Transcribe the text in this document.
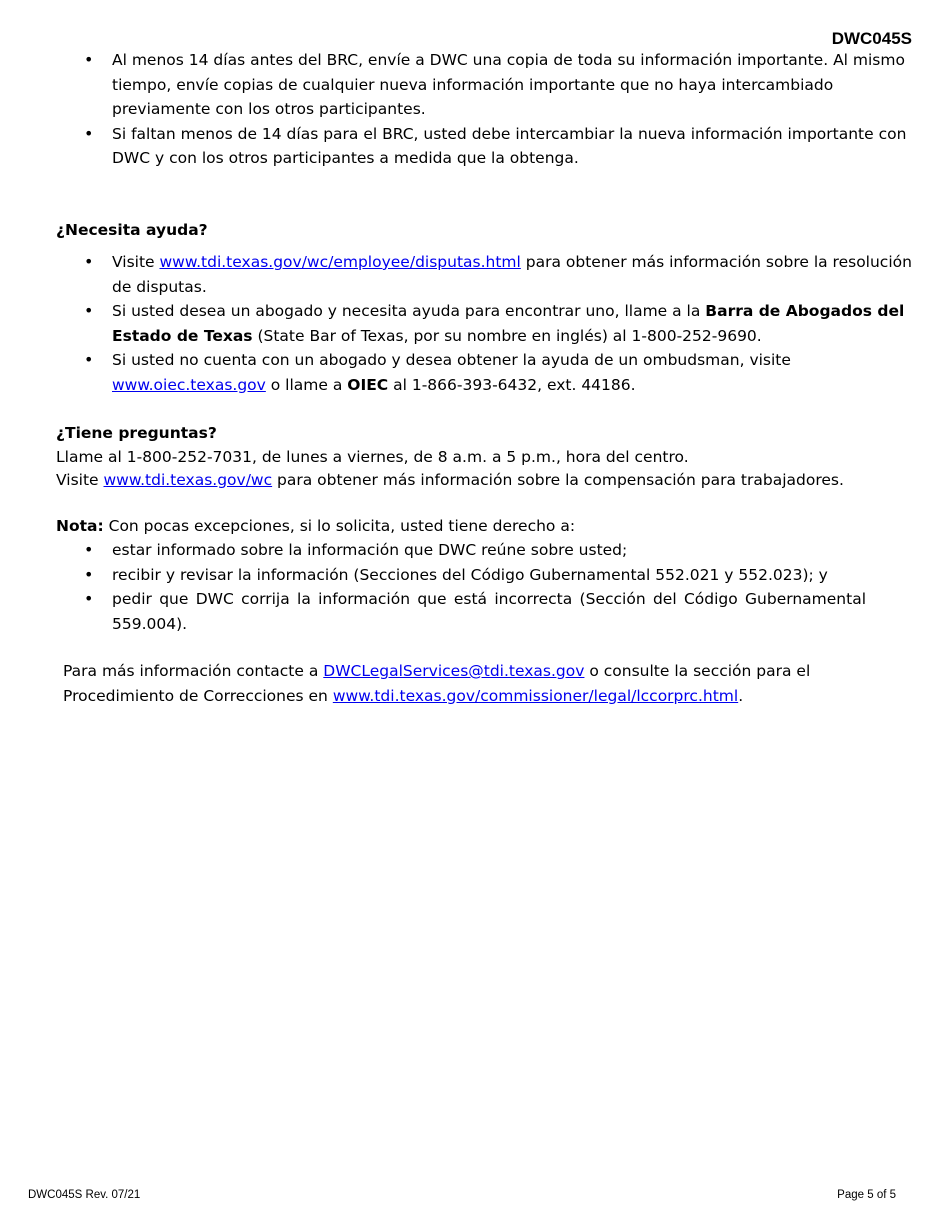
DWC045S
• Al menos 14 días antes del BRC, envíe a DWC una copia de toda su información importante. Al mismo tiempo, envíe copias de cualquier nueva información importante que no haya intercambiado previamente con los otros participantes.
• Si faltan menos de 14 días para el BRC, usted debe intercambiar la nueva información importante con DWC y con los otros participantes a medida que la obtenga.

¿Necesita ayuda?

• Visite www.tdi.texas.gov/wc/employee/disputas.html para obtener más información sobre la resolución de disputas.
• Si usted desea un abogado y necesita ayuda para encontrar uno, llame a la Barra de Abogados del Estado de Texas (State Bar of Texas, por su nombre en inglés) al 1-800-252-9690.
• Si usted no cuenta con un abogado y desea obtener la ayuda de un ombudsman, visite www.oiec.texas.gov o llame a OIEC al 1-866-393-6432, ext. 44186.

¿Tiene preguntas?

Llame al 1-800-252-7031, de lunes a viernes, de 8 a.m. a 5 p.m., hora del centro.

Visite www.tdi.texas.gov/wc para obtener más información sobre la compensación para trabajadores.

Nota: Con pocas excepciones, si lo solicita, usted tiene derecho a:

• estar informado sobre la información que DWC reúne sobre usted;
• recibir y revisar la información (Secciones del Código Gubernamental 552.021 y 552.023); y
• pedir que DWC corrija la información que está incorrecta (Sección del Código Gubernamental 559.004).

Para más información contacte a DWCLegalServices@tdi.texas.gov o consulte la sección para el Procedimiento de Correcciones en www.tdi.texas.gov/commissioner/legal/lccorprc.html.

DWC045S Rev. 07/21	Page 5 of 5
